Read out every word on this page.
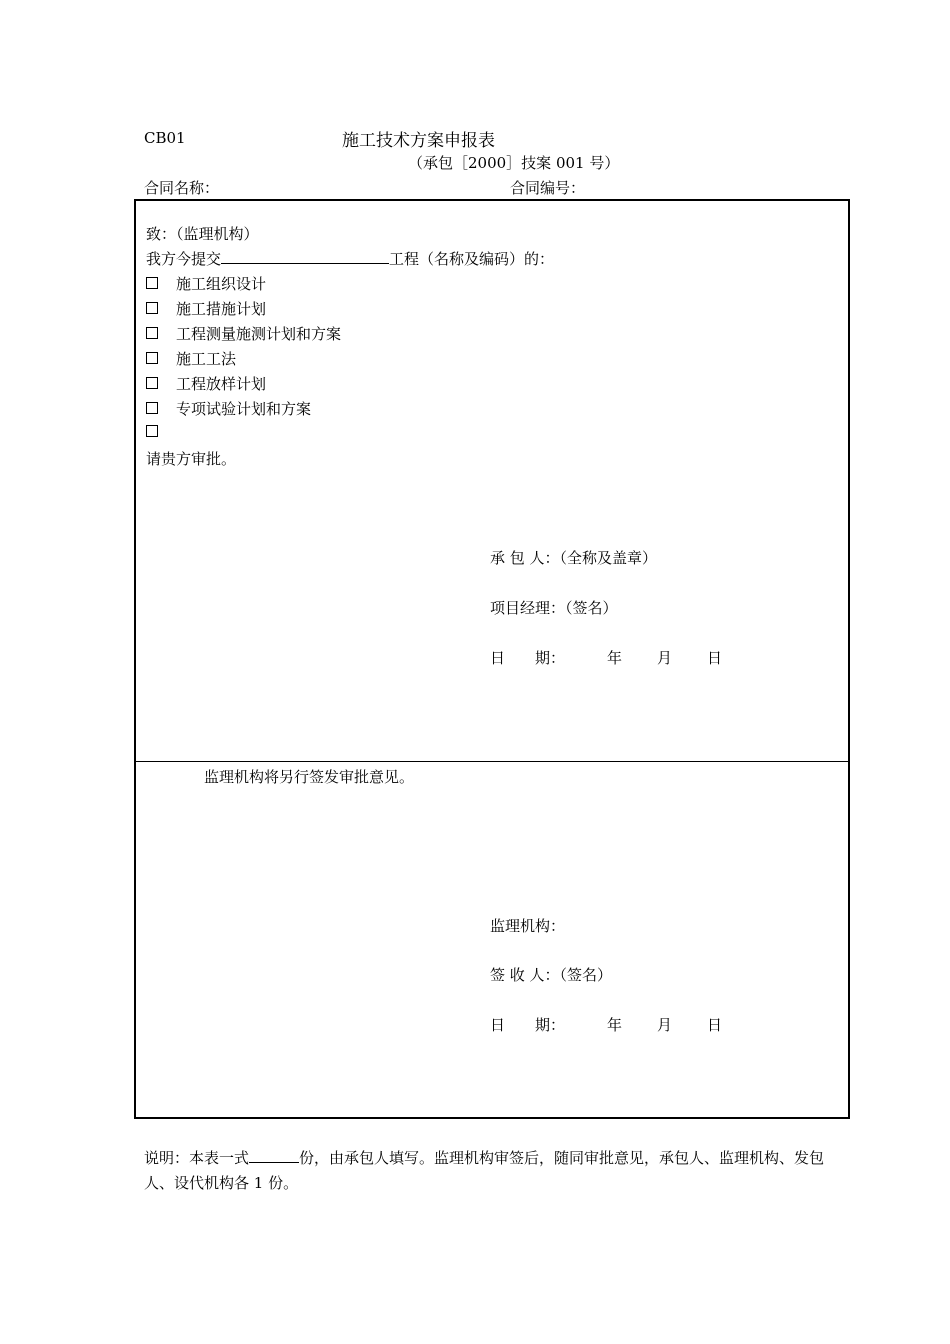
CB01	施工技术方案申报表
（承包［2000］技案 001 号）
合同名称：	合同编号：
致：（监理机构）
我方今提交	工程（名称及编码）的：
施工组织设计
施工措施计划
工程测量施测计划和方案
施工工法
工程放样计划
专项试验计划和方案
请贵方审批。
承 包 人：（全称及盖章）
项目经理：（签名）
日　　期：	年 月 日
监理机构将另行签发审批意见。
监理机构：
签 收 人：（签名）
日　　期：	年 月 日
说明：本表一式	份，由承包人填写。监理机构审签后，随同审批意见，承包人、监理机构、发包人、设代机构各 1 份。
